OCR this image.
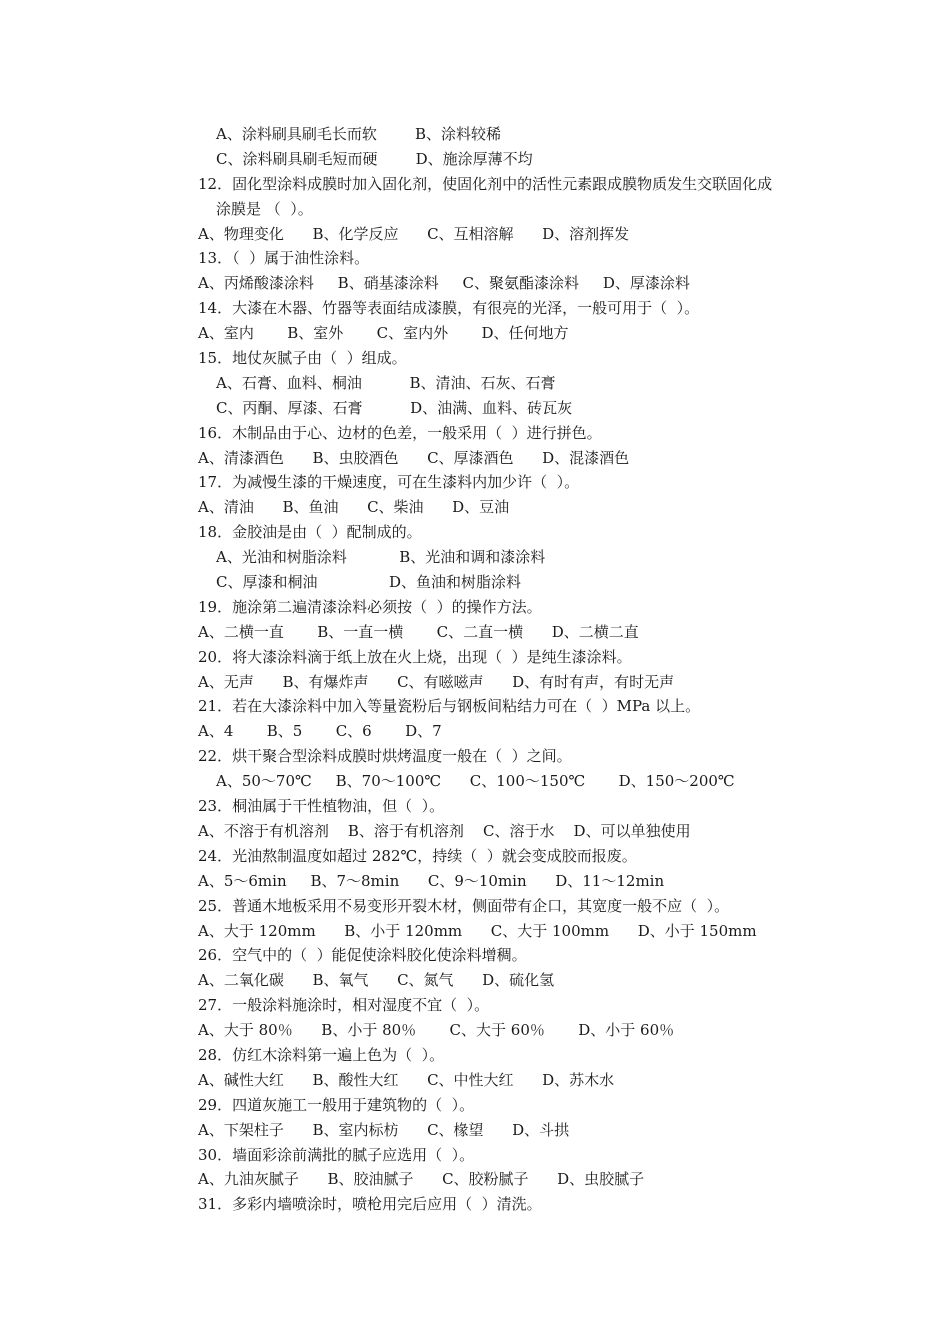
A、涂料刷具刷毛长而软        B、涂料较稀
C、涂料刷具刷毛短而硬        D、施涂厚薄不均
12．固化型涂料成膜时加入固化剂，使固化剂中的活性元素跟成膜物质发生交联固化成
涂膜是 （  ）。
A、物理变化      B、化学反应      C、互相溶解      D、溶剂挥发
13．（  ）属于油性涂料。
A、丙烯酸漆涂料     B、硝基漆涂料     C、聚氨酯漆涂料     D、厚漆涂料
14．大漆在木器、竹器等表面结成漆膜，有很亮的光泽，一般可用于（  ）。
A、室内       B、室外       C、室内外       D、任何地方
15．地仗灰腻子由（  ）组成。
A、石膏、血料、桐油          B、清油、石灰、石膏
C、丙酮、厚漆、石膏          D、油满、血料、砖瓦灰
16．木制品由于心、边材的色差，一般采用（  ）进行拼色。
A、清漆酒色      B、虫胶酒色      C、厚漆酒色      D、混漆酒色
17．为减慢生漆的干燥速度，可在生漆料内加少许（  ）。
A、清油      B、鱼油      C、柴油      D、豆油
18．金胶油是由（  ）配制成的。
A、光油和树脂涂料           B、光油和调和漆涂料
C、厚漆和桐油               D、鱼油和树脂涂料
19．施涂第二遍清漆涂料必须按（  ）的操作方法。
A、二横一直       B、一直一横       C、二直一横      D、二横二直
20．将大漆涂料滴于纸上放在火上烧，出现（  ）是纯生漆涂料。
A、无声      B、有爆炸声      C、有嗞嗞声      D、有时有声，有时无声
21．若在大漆涂料中加入等量瓷粉后与钢板间粘结力可在（  ）MPa 以上。
A、4       B、5       C、6       D、7
22．烘干聚合型涂料成膜时烘烤温度一般在（  ）之间。
A、50～70℃     B、70～100℃      C、100～150℃       D、150～200℃
23．桐油属于干性植物油，但（  ）。
A、不溶于有机溶剂    B、溶于有机溶剂    C、溶于水    D、可以单独使用
24．光油熬制温度如超过 282℃，持续（  ）就会变成胶而报废。
A、5～6min     B、7～8min      C、9～10min      D、11～12min
25．普通木地板采用不易变形开裂木材，侧面带有企口，其宽度一般不应（  ）。
A、大于 120mm      B、小于 120mm      C、大于 100mm      D、小于 150mm
26．空气中的（  ）能促使涂料胶化使涂料增稠。
A、二氧化碳      B、氧气      C、氮气      D、硫化氢
27．一般涂料施涂时，相对湿度不宜（  ）。
A、大于 80％      B、小于 80％       C、大于 60％       D、小于 60％
28．仿红木涂料第一遍上色为（  ）。
A、碱性大红      B、酸性大红      C、中性大红      D、苏木水
29．四道灰施工一般用于建筑物的（  ）。
A、下架柱子      B、室内标枋      C、椽望      D、斗拱
30．墙面彩涂前满批的腻子应选用（  ）。
A、九油灰腻子      B、胶油腻子      C、胶粉腻子      D、虫胶腻子
31．多彩内墙喷涂时，喷枪用完后应用（  ）清洗。
